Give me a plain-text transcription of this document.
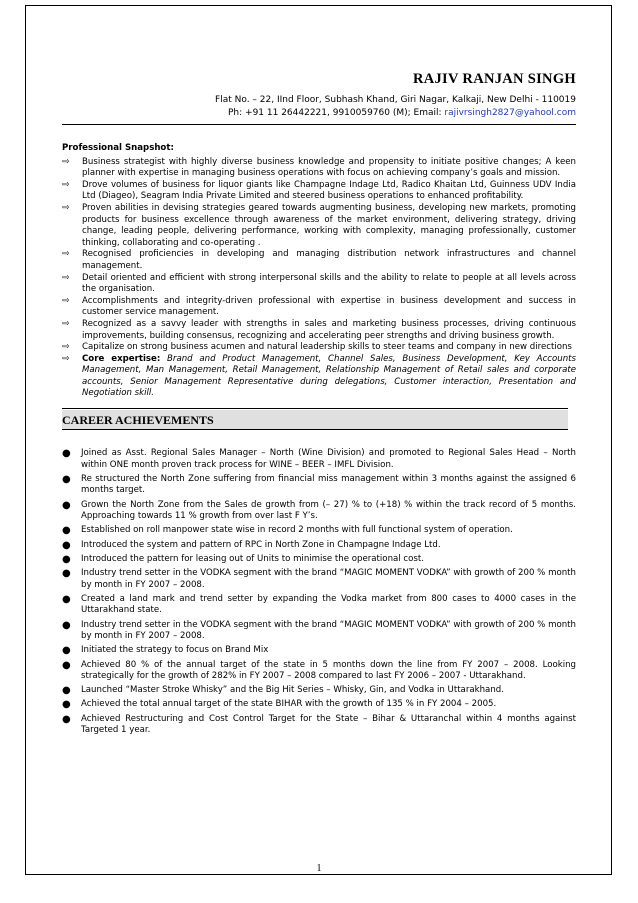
RAJIV RANJAN SINGH
Flat No. – 22, IInd Floor, Subhash Khand, Giri Nagar, Kalkaji, New Delhi - 110019
Ph: +91 11 26442221, 9910059760 (M); Email: rajivrsingh2827@yahool.com
Professional Snapshot:
⇨ Business strategist with highly diverse business knowledge and propensity to initiate positive changes; A keen planner with expertise in managing business operations with focus on achieving company’s goals and mission.
⇨ Drove volumes of business for liquor giants like Champagne Indage Ltd, Radico Khaitan Ltd, Guinness UDV India Ltd (Diageo), Seagram India Private Limited and steered business operations to enhanced profitability.
⇨ Proven abilities in devising strategies geared towards augmenting business, developing new markets, promoting products for business excellence through awareness of the market environment, delivering strategy, driving change, leading people, delivering performance, working with complexity, managing professionally, customer thinking, collaborating and co-operating .
⇨ Recognised proficiencies in developing and managing distribution network infrastructures and channel management.
⇨ Detail oriented and efficient with strong interpersonal skills and the ability to relate to people at all levels across the organisation.
⇨ Accomplishments and integrity-driven professional with expertise in business development and success in customer service management.
⇨ Recognized as a savvy leader with strengths in sales and marketing business processes, driving continuous improvements, building consensus, recognizing and accelerating peer strengths and driving business growth.
⇨ Capitalize on strong business acumen and natural leadership skills to steer teams and company in new directions
⇨ Core expertise: Brand and Product Management, Channel Sales, Business Development, Key Accounts Management, Man Management, Retail Management, Relationship Management of Retail sales and corporate accounts, Senior Management Representative during delegations, Customer interaction, Presentation and Negotiation skill.
CAREER ACHIEVEMENTS
● Joined as Asst. Regional Sales Manager – North (Wine Division) and promoted to Regional Sales Head – North within ONE month proven track process for WINE – BEER – IMFL Division.
● Re structured the North Zone suffering from financial miss management within 3 months against the assigned 6 months target.
● Grown the North Zone from the Sales de growth from (– 27) % to (+18) % within the track record of 5 months. Approaching towards 11 % growth from over last F Y’s.
● Established on roll manpower state wise in record 2 months with full functional system of operation.
● Introduced the system and pattern of RPC in North Zone in Champagne Indage Ltd.
● Introduced the pattern for leasing out of Units to minimise the operational cost.
● Industry trend setter in the VODKA segment with the brand “MAGIC MOMENT VODKA” with growth of 200 % month by month in FY 2007 – 2008.
● Created a land mark and trend setter by expanding the Vodka market from 800 cases to 4000 cases in the Uttarakhand state.
● Industry trend setter in the VODKA segment with the brand “MAGIC MOMENT VODKA” with growth of 200 % month by month in FY 2007 – 2008.
● Initiated the strategy to focus on Brand Mix
● Achieved 80 % of the annual target of the state in 5 months down the line from FY 2007 – 2008. Looking strategically for the growth of 282% in FY 2007 – 2008 compared to last FY 2006 – 2007 - Uttarakhand.
● Launched “Master Stroke Whisky” and the Big Hit Series – Whisky, Gin, and Vodka in Uttarakhand.
● Achieved the total annual target of the state BIHAR with the growth of 135 % in FY 2004 – 2005.
● Achieved Restructuring and Cost Control Target for the State – Bihar & Uttaranchal within 4 months against Targeted 1 year.
1
